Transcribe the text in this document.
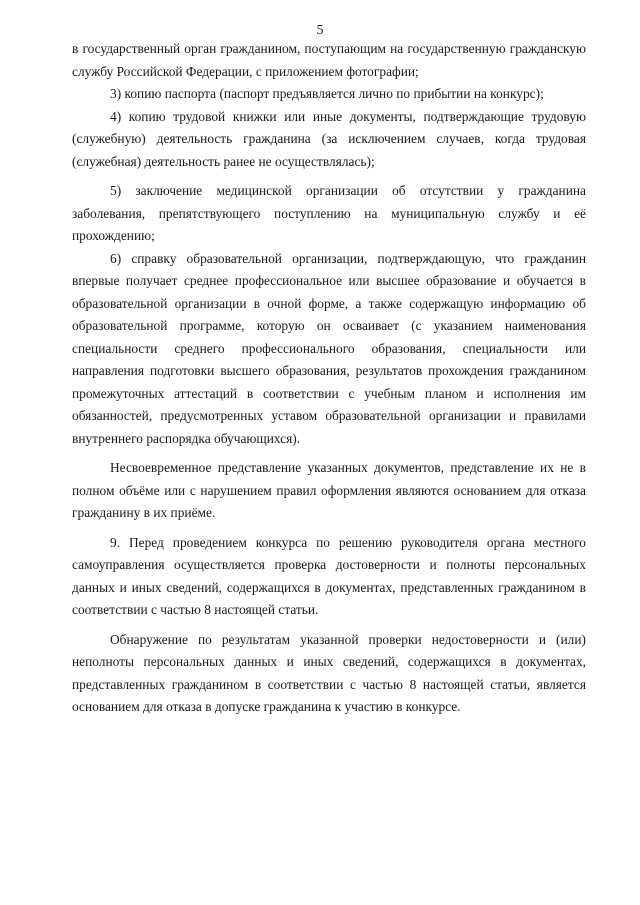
5

в государственный орган гражданином, поступающим на государственную гражданскую службу Российской Федерации, с приложением фотографии;

3) копию паспорта (паспорт предъявляется лично по прибытии на конкурс);

4) копию трудовой книжки или иные документы, подтверждающие трудовую (служебную) деятельность гражданина (за исключением случаев, когда трудовая (служебная) деятельность ранее не осуществлялась);

5) заключение медицинской организации об отсутствии у гражданина заболевания, препятствующего поступлению на муниципальную службу и её прохождению;

6) справку образовательной организации, подтверждающую, что гражданин впервые получает среднее профессиональное или высшее образование и обучается в образовательной организации в очной форме, а также содержащую информацию об образовательной программе, которую он осваивает (с указанием наименования специальности среднего профессионального образования, специальности или направления подготовки высшего образования, результатов прохождения гражданином промежуточных аттестаций в соответствии с учебным планом и исполнения им обязанностей, предусмотренных уставом образовательной организации и правилами внутреннего распорядка обучающихся).

Несвоевременное представление указанных документов, представление их не в полном объёме или с нарушением правил оформления являются основанием для отказа гражданину в их приёме.

9. Перед проведением конкурса по решению руководителя органа местного самоуправления осуществляется проверка достоверности и полноты персональных данных и иных сведений, содержащихся в документах, представленных гражданином в соответствии с частью 8 настоящей статьи.

Обнаружение по результатам указанной проверки недостоверности и (или) неполноты персональных данных и иных сведений, содержащихся в документах, представленных гражданином в соответствии с частью 8 настоящей статьи, является основанием для отказа в допуске гражданина к участию в конкурсе.
